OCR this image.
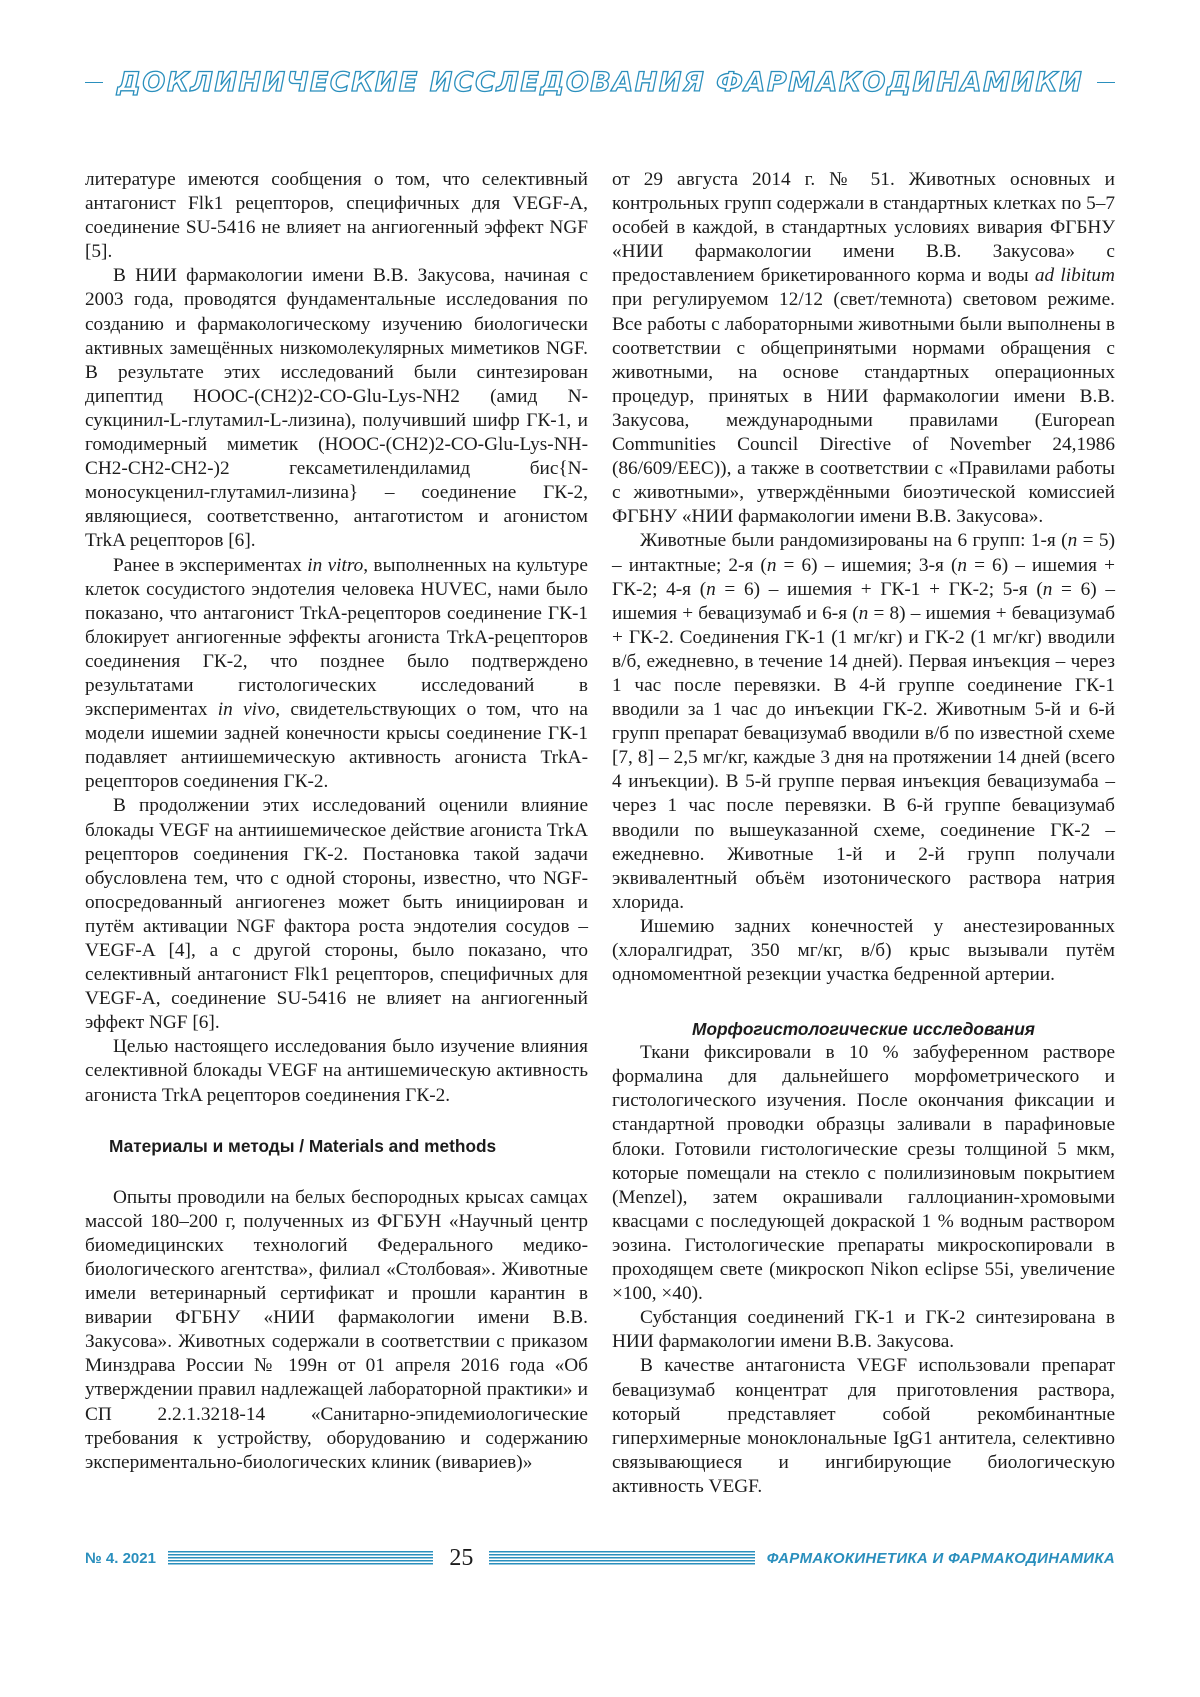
ДОКЛИНИЧЕСКИЕ ИССЛЕДОВАНИЯ ФАРМАКОДИНАМИКИ

литературе имеются сообщения о том, что селективный антагонист Flk1 рецепторов, специфичных для VEGF-A, соединение SU-5416 не влияет на ангиогенный эффект NGF [5].

В НИИ фармакологии имени В.В. Закусова, начиная с 2003 года, проводятся фундаментальные исследования по созданию и фармакологическому изучению биологически активных замещённых низкомолекулярных миметиков NGF. В результате этих исследований были синтезирован дипептид HOOC-(CH2)2-CO-Glu-Lys-NH2 (амид N-сукцинил-L-глутамил-L-лизина), получивший шифр ГК-1, и гомодимерный миметик (HOOC-(CH2)2-CO-Glu-Lys-NH-CH2-CH2-CH2-)2 гексаметилендиламид бис{N-моносукценил-глутамил-лизина} – соединение ГК-2, являющиеся, соответственно, антаготистом и агонистом TrkA рецепторов [6].

Ранее в экспериментах in vitro, выполненных на культуре клеток сосудистого эндотелия человека HUVEC, нами было показано, что антагонист TrkA-рецепторов соединение ГК-1 блокирует ангиогенные эффекты агониста TrkA-рецепторов соединения ГК-2, что позднее было подтверждено результатами гистологических исследований в экспериментах in vivo, свидетельствующих о том, что на модели ишемии задней конечности крысы соединение ГК-1 подавляет антиишемическую активность агониста TrkA-рецепторов соединения ГК-2.

В продолжении этих исследований оценили влияние блокады VEGF на антиишемическое действие агониста TrkA рецепторов соединения ГК-2. Постановка такой задачи обусловлена тем, что с одной стороны, известно, что NGF-опосредованный ангиогенез может быть инициирован и путём активации NGF фактора роста эндотелия сосудов – VEGF-A [4], а с другой стороны, было показано, что селективный антагонист Flk1 рецепторов, специфичных для VEGF-A, соединение SU-5416 не влияет на ангиогенный эффект NGF [6].

Целью настоящего исследования было изучение влияния селективной блокады VEGF на антишемическую активность агониста TrkA рецепторов соединения ГК-2.

Материалы и методы / Materials and methods

Опыты проводили на белых беспородных крысах самцах массой 180–200 г, полученных из ФГБУН «Научный центр биомедицинских технологий Федерального медико-биологического агентства», филиал «Столбовая». Животные имели ветеринарный сертификат и прошли карантин в виварии ФГБНУ «НИИ фармакологии имени В.В. Закусова». Животных содержали в соответствии с приказом Минздрава России № 199н от 01 апреля 2016 года «Об утверждении правил надлежащей лабораторной практики» и СП 2.2.1.3218-14 «Санитарно-эпидемиологические требования к устройству, оборудованию и содержанию экспериментально-биологических клиник (вивариев)»

от 29 августа 2014 г. № 51. Животных основных и контрольных групп содержали в стандартных клетках по 5–7 особей в каждой, в стандартных условиях вивария ФГБНУ «НИИ фармакологии имени В.В. Закусова» с предоставлением брикетированного корма и воды ad libitum при регулируемом 12/12 (свет/темнота) световом режиме. Все работы с лабораторными животными были выполнены в соответствии с общепринятыми нормами обращения с животными, на основе стандартных операционных процедур, принятых в НИИ фармакологии имени В.В. Закусова, международными правилами (European Communities Council Directive of November 24,1986 (86/609/EEC)), а также в соответствии с «Правилами работы с животными», утверждёнными биоэтической комиссией ФГБНУ «НИИ фармакологии имени В.В. Закусова».

Животные были рандомизированы на 6 групп: 1-я (n = 5) – интактные; 2-я (n = 6) – ишемия; 3-я (n = 6) – ишемия + ГК-2; 4-я (n = 6) – ишемия + ГК-1 + ГК-2; 5-я (n = 6) – ишемия + бевацизумаб и 6-я (n = 8) – ишемия + бевацизумаб + ГК-2. Соединения ГК-1 (1 мг/кг) и ГК-2 (1 мг/кг) вводили в/б, ежедневно, в течение 14 дней). Первая инъекция – через 1 час после перевязки. В 4-й группе соединение ГК-1 вводили за 1 час до инъекции ГК-2. Животным 5-й и 6-й групп препарат бевацизумаб вводили в/б по известной схеме [7, 8] – 2,5 мг/кг, каждые 3 дня на протяжении 14 дней (всего 4 инъекции). В 5-й группе первая инъекция бевацизумаба – через 1 час после перевязки. В 6-й группе бевацизумаб вводили по вышеуказанной схеме, соединение ГК-2 – ежедневно. Животные 1-й и 2-й групп получали эквивалентный объём изотонического раствора натрия хлорида.

Ишемию задних конечностей у анестезированных (хлоралгидрат, 350 мг/кг, в/б) крыс вызывали путём одномоментной резекции участка бедренной артерии.

Морфогистологические исследования

Ткани фиксировали в 10 % забуференном растворе формалина для дальнейшего морфометрического и гистологического изучения. После окончания фиксации и стандартной проводки образцы заливали в парафиновые блоки. Готовили гистологические срезы толщиной 5 мкм, которые помещали на стекло с полилизиновым покрытием (Menzel), затем окрашивали галлоцианин-хромовыми квасцами с последующей докраской 1 % водным раствором эозина. Гистологические препараты микроскопировали в проходящем свете (микроскоп Nikon eclipse 55i, увеличение ×100, ×40).

Субстанция соединений ГК-1 и ГК-2 синтезирована в НИИ фармакологии имени В.В. Закусова.

В качестве антагониста VEGF использовали препарат бевацизумаб концентрат для приготовления раствора, который представляет собой рекомбинантные гиперхимерные моноклональные IgG1 антитела, селективно связывающиеся и ингибирующие биологическую активность VEGF.

№ 4. 2021	25	ФАРМАКОКИНЕТИКА И ФАРМАКОДИНАМИКА
